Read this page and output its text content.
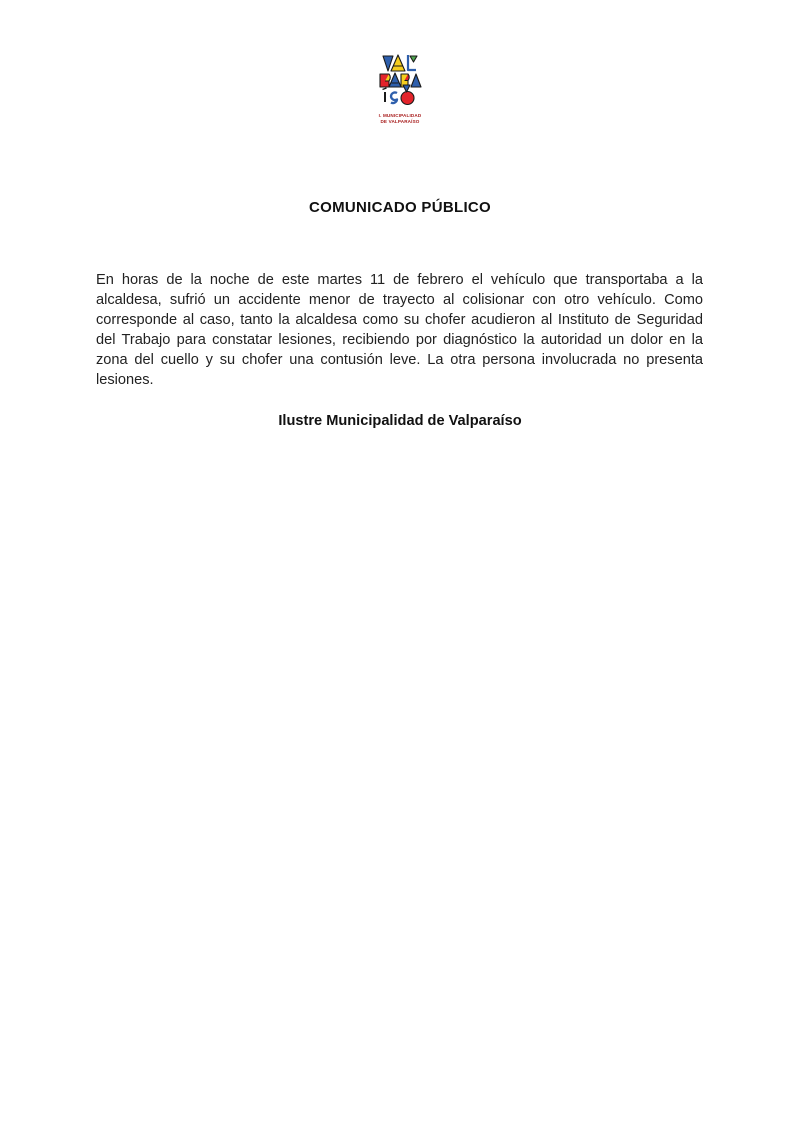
I. MUNICIPALIDAD
DE VALPARAÍSO
COMUNICADO PÚBLICO

En horas de la noche de este martes 11 de febrero el vehículo que transportaba a la alcaldesa, sufrió un accidente menor de trayecto al colisionar con otro vehículo. Como corresponde al caso, tanto la alcaldesa como su chofer acudieron al Instituto de Seguridad del Trabajo para constatar lesiones, recibiendo por diagnóstico la autoridad un dolor en la zona del cuello y su chofer una contusión leve. La otra persona involucrada no presenta lesiones.

Ilustre Municipalidad de Valparaíso
